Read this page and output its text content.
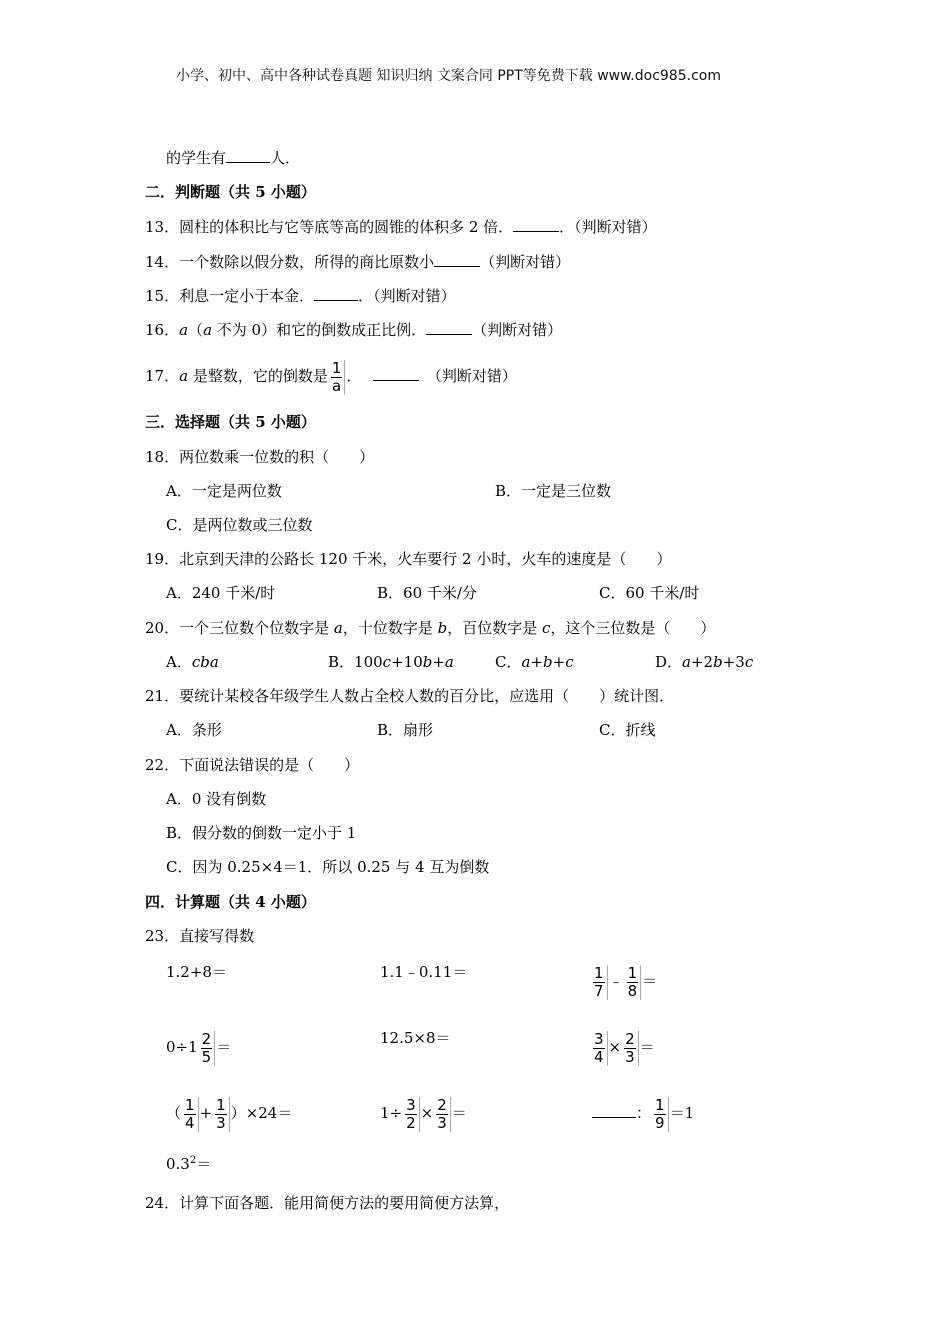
小学、初中、高中各种试卷真题 知识归纳 文案合同 PPT等免费下载 www.doc985.com
的学生有	人．
二．判断题（共 5 小题）
13．圆柱的体积比与它等底等高的圆锥的体积多 2 倍．	．（判断对错）
14．一个数除以假分数，所得的商比原数小	（判断对错）
15．利息一定小于本金．	．（判断对错）
16．a（a 不为 0）和它的倒数成正比例．	（判断对错）
17．a 是整数，它的倒数是 $\frac{1}{a}$ ．　	（判断对错）
三．选择题（共 5 小题）
18．两位数乘一位数的积（　　）
A．一定是两位数	B．一定是三位数
C．是两位数或三位数
19．北京到天津的公路长 120 千米，火车要行 2 小时，火车的速度是（　　）
A．240 千米/时	B．60 千米/分	C．60 千米/时
20．一个三位数个位数字是 a，十位数字是 b，百位数字是 c，这个三位数是（　　）
A．cba	B．100c+10b+a	C．a+b+c	D．a+2b+3c
21．要统计某校各年级学生人数占全校人数的百分比，应选用（　　）统计图．
A．条形	B．扇形	C．折线
22．下面说法错误的是（　　）
A．0 没有倒数
B．假分数的倒数一定小于 1
C．因为 0.25×4＝1．所以 0.25 与 4 互为倒数
四．计算题（共 4 小题）
23．直接写得数
1.2+8＝	1.1﹣0.11＝	$\frac{1}{7}$ ﹣ $\frac{1}{8}$ ＝
$0\div 1 \frac{2}{5}$ ＝	12.5×8＝	$\frac{3}{4} \times \frac{2}{3}$ ＝
（ $\frac{1}{4} + \frac{1}{3} )\times 24=$	$1\div \frac{3}{2} \times \frac{2}{3}$ ＝	： $\frac{1}{9} =1$
$0.3^2=$
24．计算下面各题．能用简便方法的要用简便方法算，
